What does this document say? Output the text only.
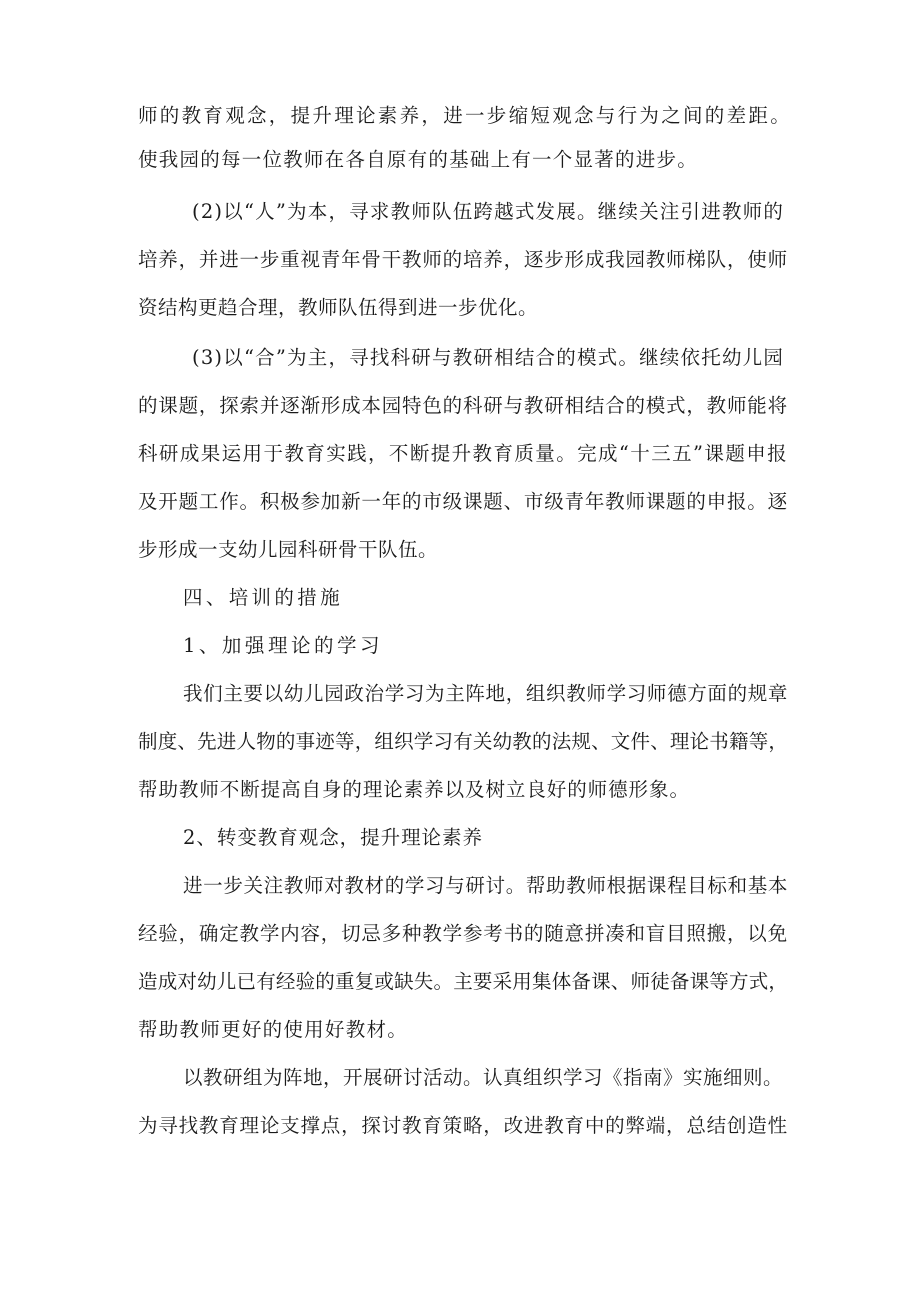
师的教育观念，提升理论素养，进一步缩短观念与行为之间的差距。
使我园的每一位教师在各自原有的基础上有一个显著的进步。
(2)以“人”为本，寻求教师队伍跨越式发展。继续关注引进教师的
培养，并进一步重视青年骨干教师的培养，逐步形成我园教师梯队，使师
资结构更趋合理，教师队伍得到进一步优化。
(3)以“合”为主，寻找科研与教研相结合的模式。继续依托幼儿园
的课题，探索并逐渐形成本园特色的科研与教研相结合的模式，教师能将
科研成果运用于教育实践，不断提升教育质量。完成“十三五”课题申报
及开题工作。积极参加新一年的市级课题、市级青年教师课题的申报。逐
步形成一支幼儿园科研骨干队伍。
四、培训的措施
1、加强理论的学习
我们主要以幼儿园政治学习为主阵地，组织教师学习师德方面的规章
制度、先进人物的事迹等，组织学习有关幼教的法规、文件、理论书籍等，
帮助教师不断提高自身的理论素养以及树立良好的师德形象。
2、转变教育观念，提升理论素养
进一步关注教师对教材的学习与研讨。帮助教师根据课程目标和基本
经验，确定教学内容，切忌多种教学参考书的随意拼凑和盲目照搬，以免
造成对幼儿已有经验的重复或缺失。主要采用集体备课、师徒备课等方式，
帮助教师更好的使用好教材。
以教研组为阵地，开展研讨活动。认真组织学习《指南》实施细则。
为寻找教育理论支撑点，探讨教育策略，改进教育中的弊端，总结创造性
